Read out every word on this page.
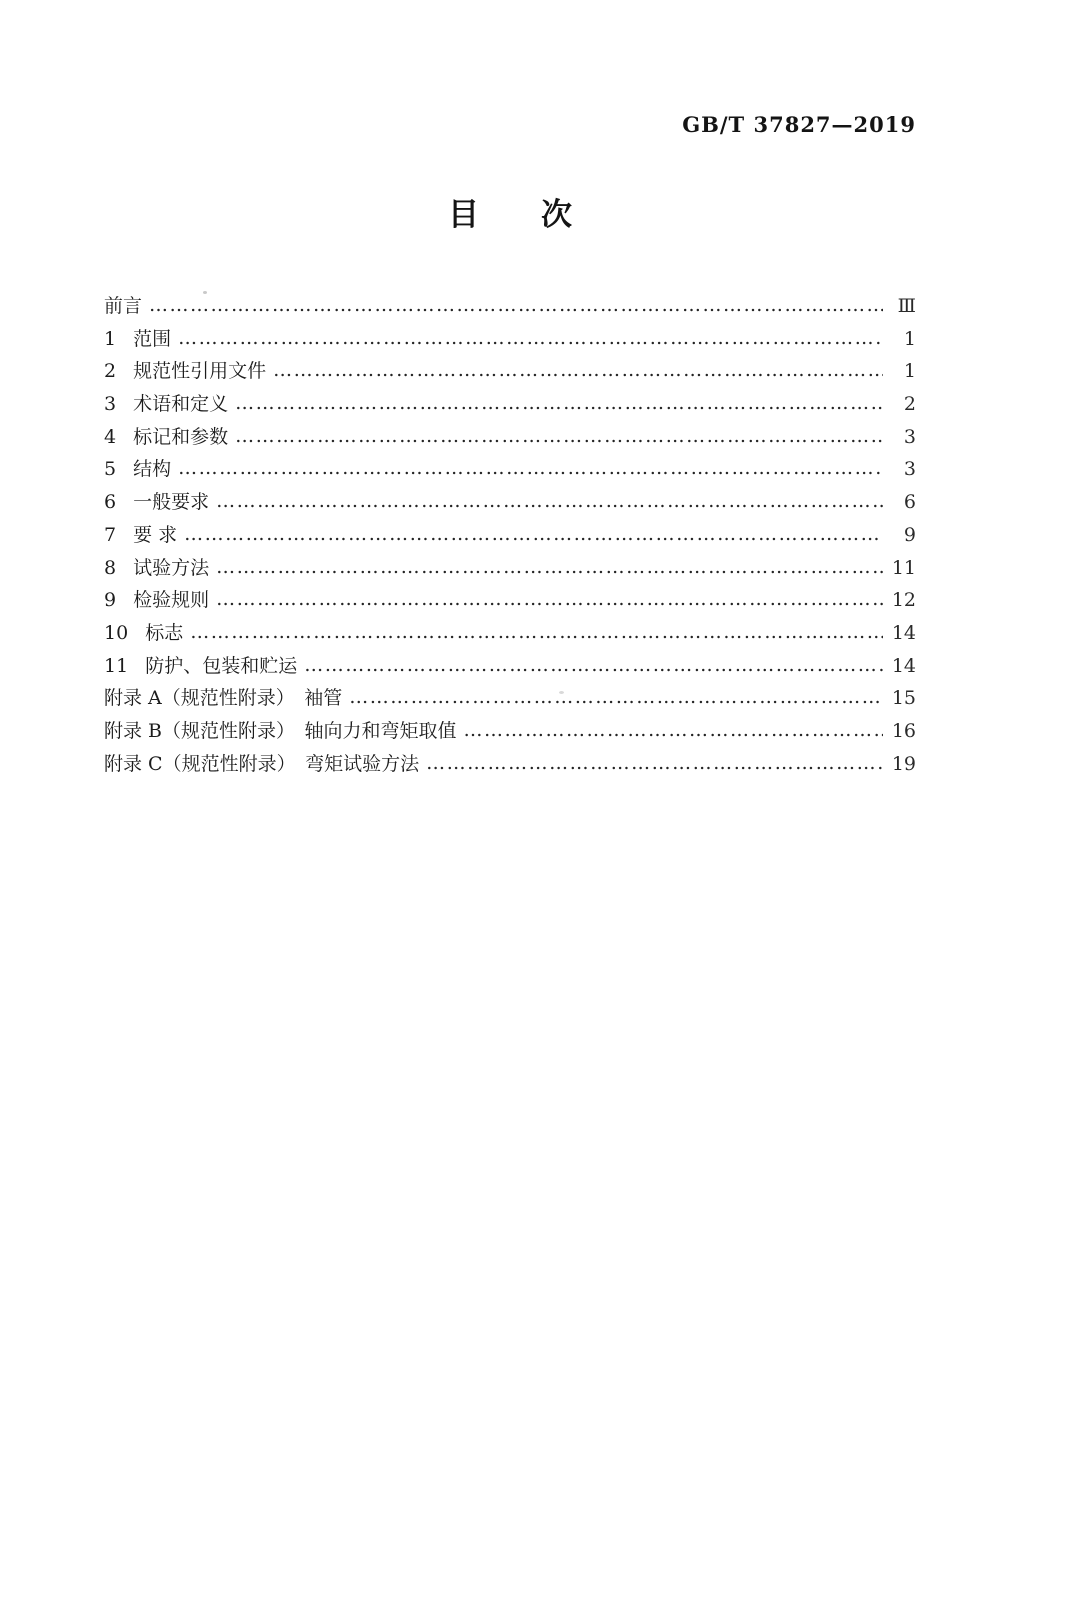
GB/T 37827—2019
目　　次
前言 ……………………………………………………………………………………………………………………………………………………………………	Ⅲ
1 范围 ……………………………………………………………………………………………………………………………………………………………………	1
2 规范性引用文件 ……………………………………………………………………………………………………………………………………………………………………	1
3 术语和定义 ……………………………………………………………………………………………………………………………………………………………………	2
4 标记和参数 ……………………………………………………………………………………………………………………………………………………………………	3
5 结构 ……………………………………………………………………………………………………………………………………………………………………	3
6 一般要求 ……………………………………………………………………………………………………………………………………………………………………	6
7 要 求 ……………………………………………………………………………………………………………………………………………………………………	9
8 试验方法 ……………………………………………………………………………………………………………………………………………………………………	11
9 检验规则 ……………………………………………………………………………………………………………………………………………………………………	12
10 标志 ……………………………………………………………………………………………………………………………………………………………………	14
11 防护、包装和贮运 ……………………………………………………………………………………………………………………………………………………………………	14
附录 A（规范性附录）　袖管 ……………………………………………………………………………………………………………………………………………………………………	15
附录 B（规范性附录）　轴向力和弯矩取值 ……………………………………………………………………………………………………………………………………………………………………	16
附录 C（规范性附录）　弯矩试验方法 ……………………………………………………………………………………………………………………………………………………………………	19
